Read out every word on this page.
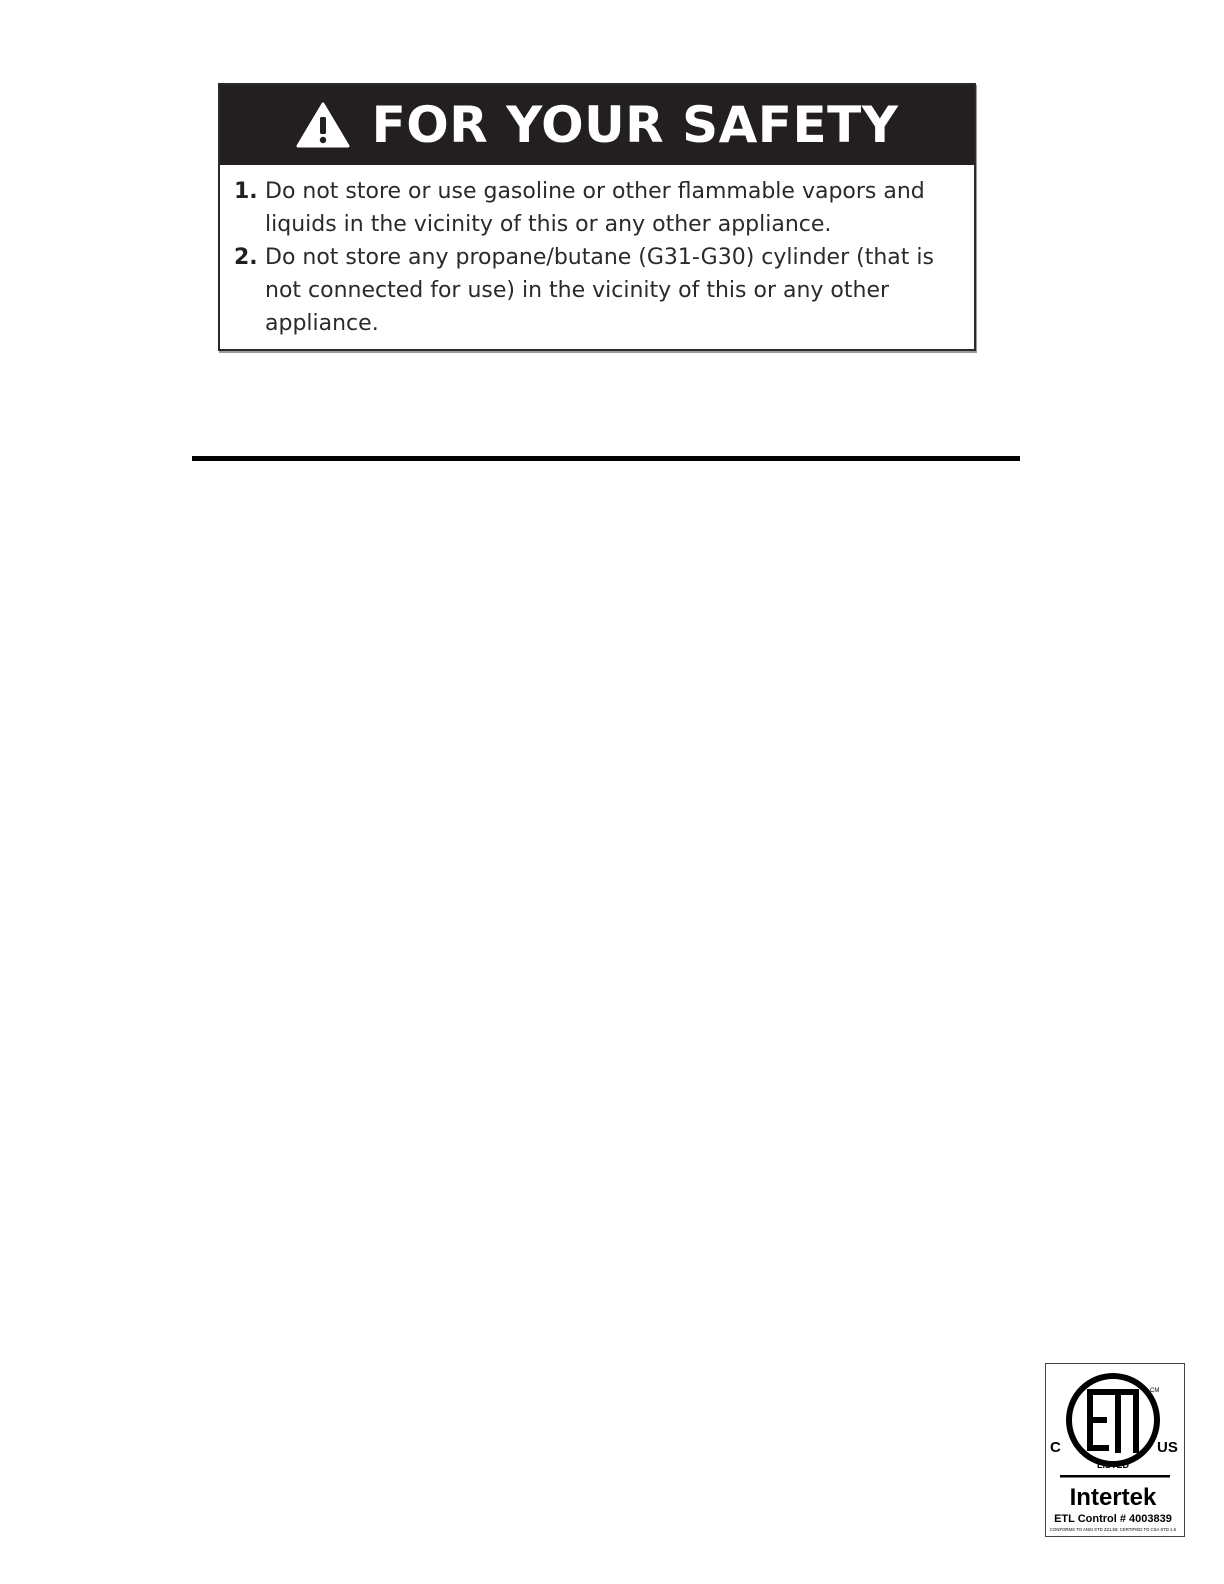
FOR YOUR SAFETY
1. Do not store or use gasoline or other flammable vapors and liquids in the vicinity of this or any other appliance.
2. Do not store any propane/butane (G31-G30) cylinder (that is not connected for use) in the vicinity of this or any other appliance.
CM
C	US
LISTED
Intertek
ETL Control # 4003839
CONFORMS TO ANSI STD Z21.58; CERTIFIED TO CSA STD 1.6
